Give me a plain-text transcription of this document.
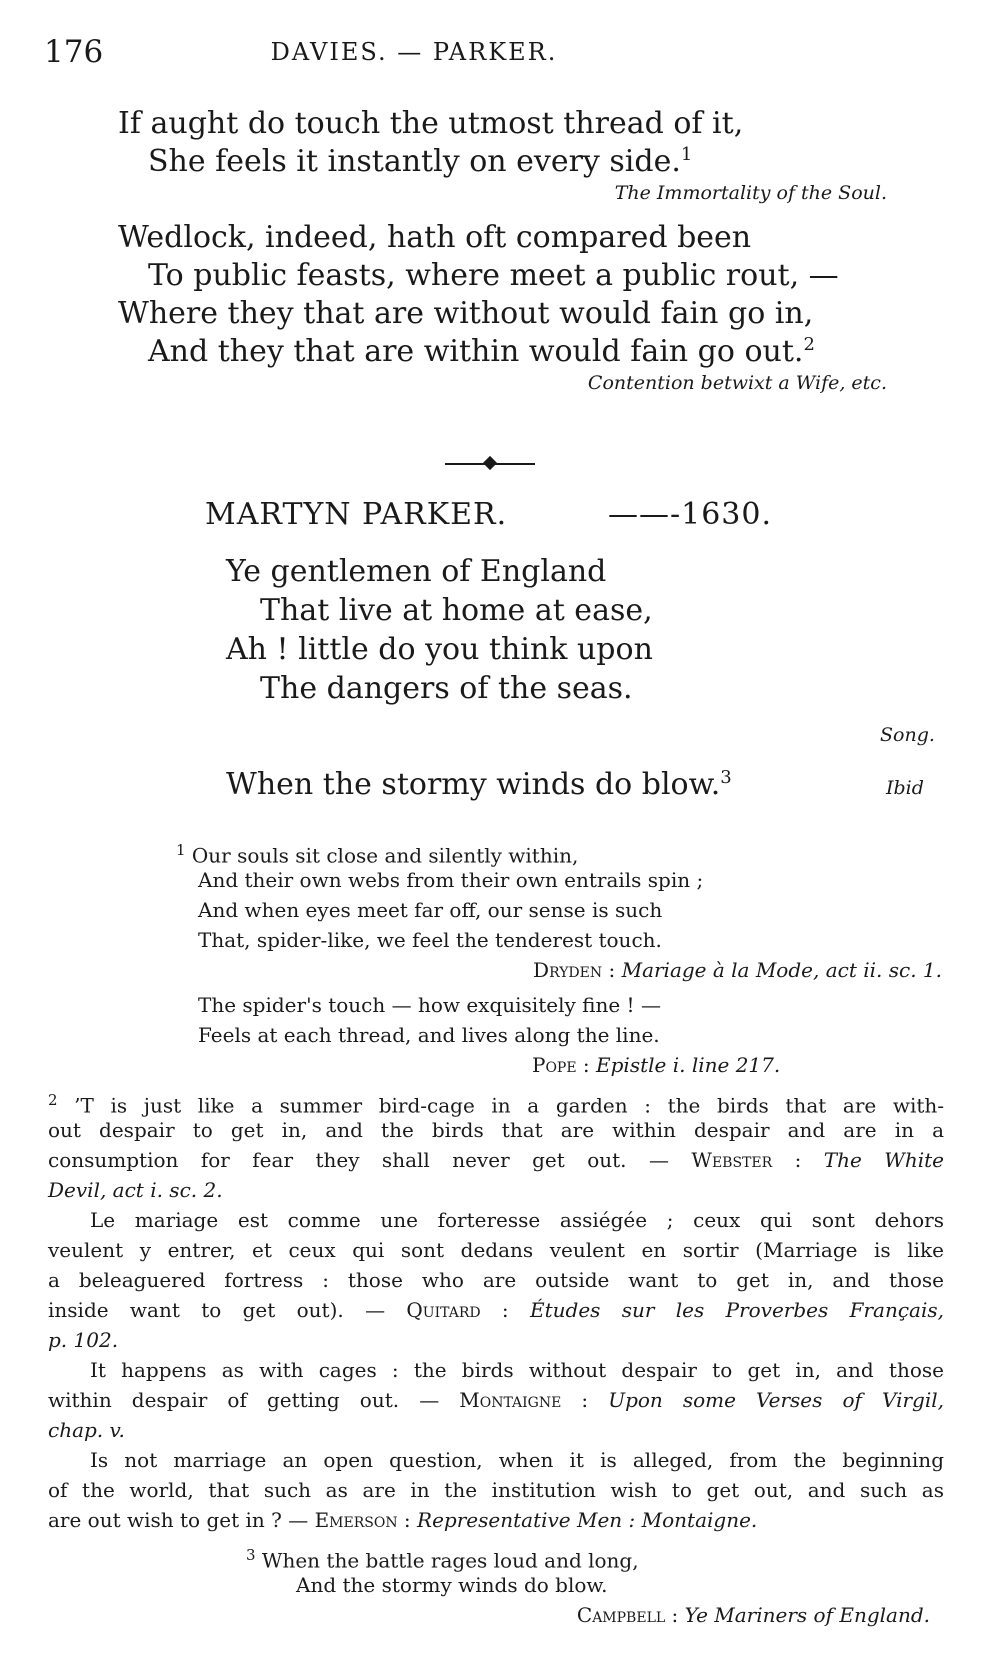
176	DAVIES. — PARKER.
If aught do touch the utmost thread of it,
She feels it instantly on every side.$^1$
The Immortality of the Soul.
Wedlock, indeed, hath oft compared been
To public feasts, where meet a public rout, —
Where they that are without would fain go in,
And they that are within would fain go out.$^2$
Contention betwixt a Wife, etc.
MARTYN PARKER.	——-1630.
Ye gentlemen of England
That live at home at ease,
Ah ! little do you think upon
The dangers of the seas.
Song.
When the stormy winds do blow.$^3$	Ibid
$^1$ Our souls sit close and silently within,
And their own webs from their own entrails spin ;
And when eyes meet far off, our sense is such
That, spider-like, we feel the tenderest touch.
Dryden : Mariage à la Mode, act ii. sc. 1.
The spider's touch — how exquisitely fine ! —
Feels at each thread, and lives along the line.
Pope : Epistle i. line 217.
$^2$ ’T is just like a summer bird-cage in a garden : the birds that are with-
out despair to get in, and the birds that are within despair and are in a
consumption for fear they shall never get out. — Webster : The White
Devil, act i. sc. 2.
Le mariage est comme une forteresse assiégée ; ceux qui sont dehors
veulent y entrer, et ceux qui sont dedans veulent en sortir (Marriage is like
a beleaguered fortress : those who are outside want to get in, and those
inside want to get out). — Quitard : Études sur les Proverbes Français,
p. 102.
It happens as with cages : the birds without despair to get in, and those
within despair of getting out. — Montaigne : Upon some Verses of Virgil,
chap. v.
Is not marriage an open question, when it is alleged, from the beginning
of the world, that such as are in the institution wish to get out, and such as
are out wish to get in ? — Emerson : Representative Men : Montaigne.
$^3$ When the battle rages loud and long,
And the stormy winds do blow.
Campbell : Ye Mariners of England.
